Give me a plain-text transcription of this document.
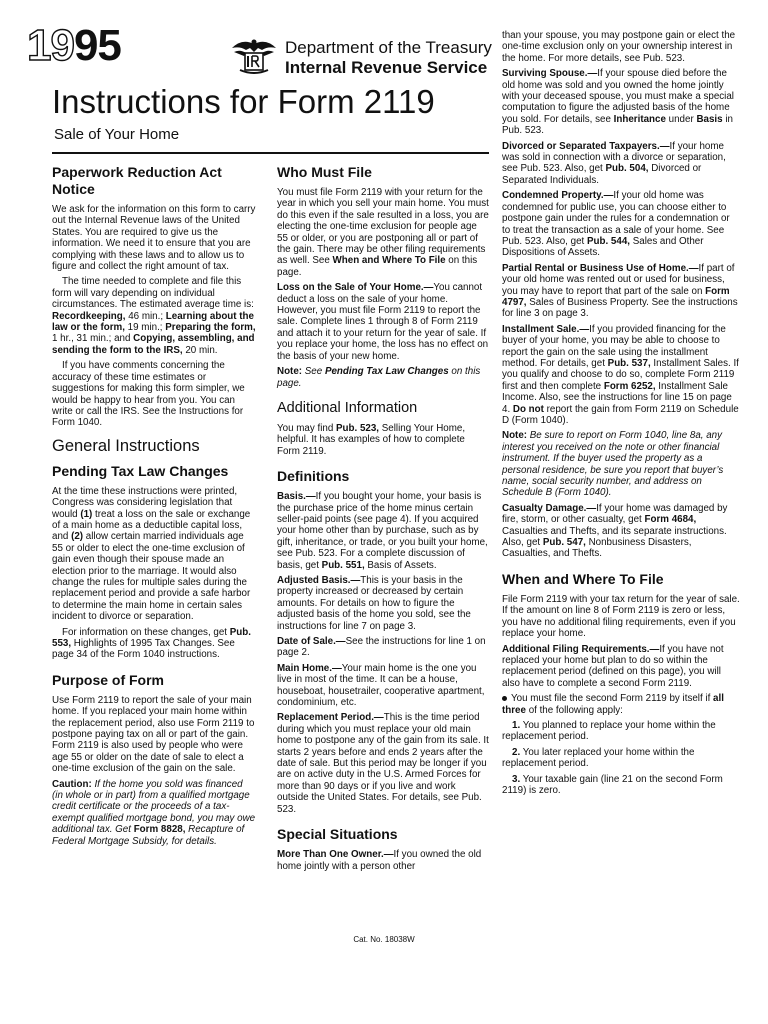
1995	Department of the Treasury
Internal Revenue Service
Instructions for Form 2119
Sale of Your Home
Paperwork Reduction Act Notice

We ask for the information on this form to carry out the Internal Revenue laws of the United States. You are required to give us the information. We need it to ensure that you are complying with these laws and to allow us to figure and collect the right amount of tax.

The time needed to complete and file this form will vary depending on individual circumstances. The estimated average time is: Recordkeeping, 46 min.; Learning about the law or the form, 19 min.; Preparing the form, 1 hr., 31 min.; and Copying, assembling, and sending the form to the IRS, 20 min.

If you have comments concerning the accuracy of these time estimates or suggestions for making this form simpler, we would be happy to hear from you. You can write or call the IRS. See the Instructions for Form 1040.

General Instructions
Pending Tax Law Changes

At the time these instructions were printed, Congress was considering legislation that would (1) treat a loss on the sale or exchange of a main home as a deductible capital loss, and (2) allow certain married individuals age 55 or older to elect the one-time exclusion of gain even though their spouse made an election prior to the marriage. It would also change the rules for multiple sales during the replacement period and provide a safe harbor to determine the main home in certain sales incident to divorce or separation.

For information on these changes, get Pub. 553, Highlights of 1995 Tax Changes. See page 34 of the Form 1040 instructions.

Purpose of Form

Use Form 2119 to report the sale of your main home. If you replaced your main home within the replacement period, also use Form 2119 to postpone paying tax on all or part of the gain. Form 2119 is also used by people who were age 55 or older on the date of sale to elect a one-time exclusion of the gain on the sale.

Caution: If the home you sold was financed (in whole or in part) from a qualified mortgage credit certificate or the proceeds of a tax-exempt qualified mortgage bond, you may owe additional tax. Get Form 8828, Recapture of Federal Mortgage Subsidy, for details.

Who Must File

You must file Form 2119 with your return for the year in which you sell your main home. You must do this even if the sale resulted in a loss, you are electing the one-time exclusion for people age 55 or older, or you are postponing all or part of the gain. There may be other filing requirements as well. See When and Where To File on this page.

Loss on the Sale of Your Home.—You cannot deduct a loss on the sale of your home. However, you must file Form 2119 to report the sale. Complete lines 1 through 8 of Form 2119 and attach it to your return for the year of sale. If you replace your home, the loss has no effect on the basis of your new home.

Note: See Pending Tax Law Changes on this page.

Additional Information

You may find Pub. 523, Selling Your Home, helpful. It has examples of how to complete Form 2119.

Definitions

Basis.—If you bought your home, your basis is the purchase price of the home minus certain seller-paid points (see page 4). If you acquired your home other than by purchase, such as by gift, inheritance, or trade, or you built your home, see Pub. 523. For a complete discussion of basis, get Pub. 551, Basis of Assets.

Adjusted Basis.—This is your basis in the property increased or decreased by certain amounts. For details on how to figure the adjusted basis of the home you sold, see the instructions for line 7 on page 3.

Date of Sale.—See the instructions for line 1 on page 2.

Main Home.—Your main home is the one you live in most of the time. It can be a house, houseboat, housetrailer, cooperative apartment, condominium, etc.

Replacement Period.—This is the time period during which you must replace your old main home to postpone any of the gain from its sale. It starts 2 years before and ends 2 years after the date of sale. But this period may be longer if you are on active duty in the U.S. Armed Forces for more than 90 days or if you live and work outside the United States. For details, see Pub. 523.

Special Situations

More Than One Owner.—If you owned the old home jointly with a person other

than your spouse, you may postpone gain or elect the one-time exclusion only on your ownership interest in the home. For more details, see Pub. 523.

Surviving Spouse.—If your spouse died before the old home was sold and you owned the home jointly with your deceased spouse, you must make a special computation to figure the adjusted basis of the home you sold. For details, see Inheritance under Basis in Pub. 523.

Divorced or Separated Taxpayers.—If your home was sold in connection with a divorce or separation, see Pub. 523. Also, get Pub. 504, Divorced or Separated Individuals.

Condemned Property.—If your old home was condemned for public use, you can choose either to postpone gain under the rules for a condemnation or to treat the transaction as a sale of your home. See Pub. 523. Also, get Pub. 544, Sales and Other Dispositions of Assets.

Partial Rental or Business Use of Home.—If part of your old home was rented out or used for business, you may have to report that part of the sale on Form 4797, Sales of Business Property. See the instructions for line 3 on page 3.

Installment Sale.—If you provided financing for the buyer of your home, you may be able to choose to report the gain on the sale using the installment method. For details, get Pub. 537, Installment Sales. If you qualify and choose to do so, complete Form 2119 first and then complete Form 6252, Installment Sale Income. Also, see the instructions for line 15 on page 4. Do not report the gain from Form 2119 on Schedule D (Form 1040).

Note: Be sure to report on Form 1040, line 8a, any interest you received on the note or other financial instrument. If the buyer used the property as a personal residence, be sure you report that buyer’s name, social security number, and address on Schedule B (Form 1040).

Casualty Damage.—If your home was damaged by fire, storm, or other casualty, get Form 4684, Casualties and Thefts, and its separate instructions. Also, get Pub. 547, Nonbusiness Disasters, Casualties, and Thefts.

When and Where To File

File Form 2119 with your tax return for the year of sale. If the amount on line 8 of Form 2119 is zero or less, you have no additional filing requirements, even if you replace your home.

Additional Filing Requirements.—If you have not replaced your home but plan to do so within the replacement period (defined on this page), you will also have to complete a second Form 2119.

You must file the second Form 2119 by itself if all three of the following apply:

1. You planned to replace your home within the replacement period.

2. You later replaced your home within the replacement period.

3. Your taxable gain (line 21 on the second Form 2119) is zero.

Cat. No. 18038W
